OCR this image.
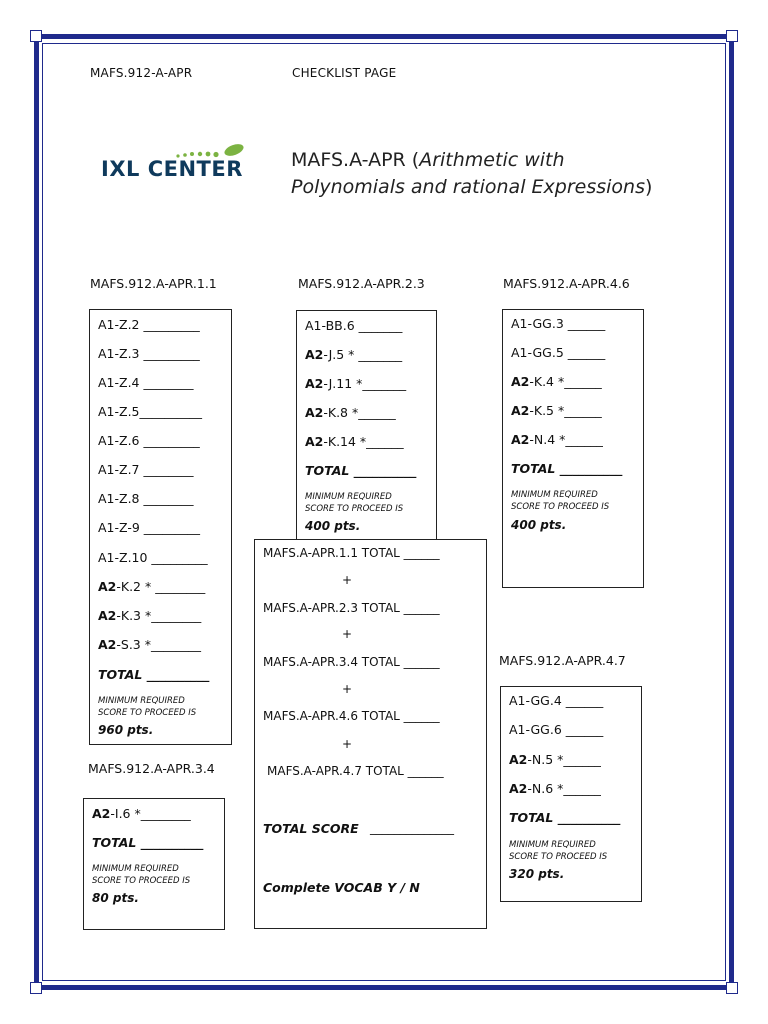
MAFS.912-A-APR	CHECKLIST PAGE
IXL CENTER	MAFS.A-APR (Arithmetic with
Polynomials and rational Expressions)
MAFS.912.A-APR.1.1	MAFS.912.A-APR.2.3	MAFS.912.A-APR.4.6
MAFS.912.A-APR.3.4
MAFS.912.A-APR.4.7
A1-Z.2 _________
A1-Z.3 _________
A1-Z.4 ________
A1-Z.5__________
A1-Z.6 _________
A1-Z.7 ________
A1-Z.8 ________
A1-Z-9 _________
A1-Z.10 _________
A2-K.2 * ________
A2-K.3 *________
A2-S.3 *________
TOTAL __________
MINIMUM REQUIRED
SCORE TO PROCEED IS
960 pts.
A1-BB.6 _______
A2-J.5 * _______
A2-J.11 *_______
A2-K.8 *______
A2-K.14 *______
TOTAL __________
MINIMUM REQUIRED
SCORE TO PROCEED IS
400 pts.
A1-GG.3 ______
A1-GG.5 ______
A2-K.4 *______
A2-K.5 *______
A2-N.4 *______
TOTAL __________
MINIMUM REQUIRED
SCORE TO PROCEED IS
400 pts.
A2-I.6 *________
TOTAL __________
MINIMUM REQUIRED
SCORE TO PROCEED IS
80 pts.
A1-GG.4 ______
A1-GG.6 ______
A2-N.5 *______
A2-N.6 *______
TOTAL __________
MINIMUM REQUIRED
SCORE TO PROCEED IS
320 pts.
MAFS.A-APR.1.1 TOTAL ______
+
MAFS.A-APR.2.3 TOTAL ______
+
MAFS.A-APR.3.4 TOTAL ______
+
MAFS.A-APR.4.6 TOTAL ______
+
MAFS.A-APR.4.7 TOTAL ______
TOTAL SCORE ______________
Complete VOCAB Y / N
